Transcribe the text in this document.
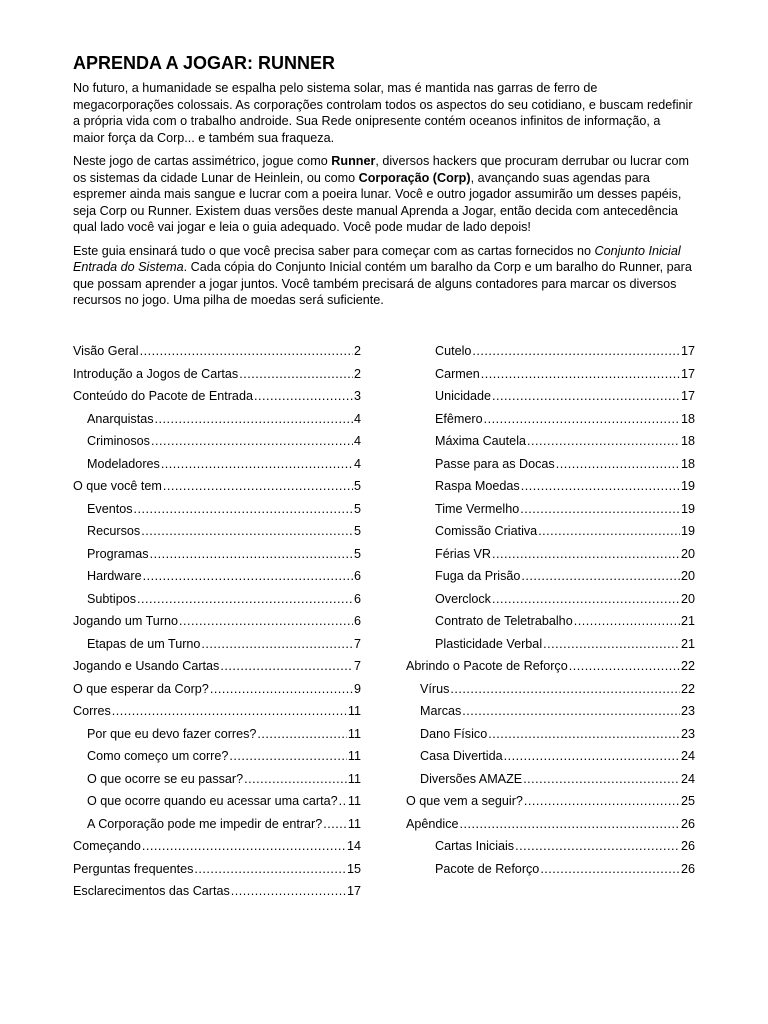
APRENDA A JOGAR: RUNNER

No futuro, a humanidade se espalha pelo sistema solar, mas é mantida nas garras de ferro de megacorporações colossais. As corporações controlam todos os aspectos do seu cotidiano, e buscam redefinir a própria vida com o trabalho androide. Sua Rede onipresente contém oceanos infinitos de informação, a maior força da Corp... e também sua fraqueza.

Neste jogo de cartas assimétrico, jogue como Runner, diversos hackers que procuram derrubar ou lucrar com os sistemas da cidade Lunar de Heinlein, ou como Corporação (Corp), avançando suas agendas para espremer ainda mais sangue e lucrar com a poeira lunar. Você e outro jogador assumirão um desses papéis, seja Corp ou Runner. Existem duas versões deste manual Aprenda a Jogar, então decida com antecedência qual lado você vai jogar e leia o guia adequado. Você pode mudar de lado depois!

Este guia ensinará tudo o que você precisa saber para começar com as cartas fornecidos no Conjunto Inicial Entrada do Sistema. Cada cópia do Conjunto Inicial contém um baralho da Corp e um baralho do Runner, para que possam aprender a jogar juntos. Você também precisará de alguns contadores para marcar os diversos recursos no jogo. Uma pilha de moedas será suficiente.

Visão Geral .....	2
Introdução a Jogos de Cartas .....	2
Conteúdo do Pacote de Entrada .....	3
Anarquistas .....	4
Criminosos .....	4
Modeladores .....	4
O que você tem .....	5
Eventos .....	5
Recursos .....	5
Programas .....	5
Hardware .....	6
Subtipos .....	6
Jogando um Turno .....	6
Etapas de um Turno .....	7
Jogando e Usando Cartas .....	7
O que esperar da Corp? .....	9
Corres .....	11
Por que eu devo fazer corres? .....	11
Como começo um corre? .....	11
O que ocorre se eu passar? .....	11
O que ocorre quando eu acessar uma carta? ..... 11
A Corporação pode me impedir de entrar? ..... 11
Começando .....	14
Perguntas frequentes .....	15
Esclarecimentos das Cartas .....	17
Cutelo .....	17
Carmen .....	17
Unicidade .....	17
Efêmero .....	18
Máxima Cautela .....	18
Passe para as Docas .....	18
Raspa Moedas .....	19
Time Vermelho .....	19
Comissão Criativa .....	19
Férias VR .....	20
Fuga da Prisão .....	20
Overclock .....	20
Contrato de Teletrabalho .....	21
Plasticidade Verbal .....	21
Abrindo o Pacote de Reforço .....	22
Vírus .....	22
Marcas .....	23
Dano Físico .....	23
Casa Divertida .....	24
Diversões AMAZE .....	24
O que vem a seguir? .....	25
Apêndice .....	26
Cartas Iniciais .....	26
Pacote de Reforço .....	26
